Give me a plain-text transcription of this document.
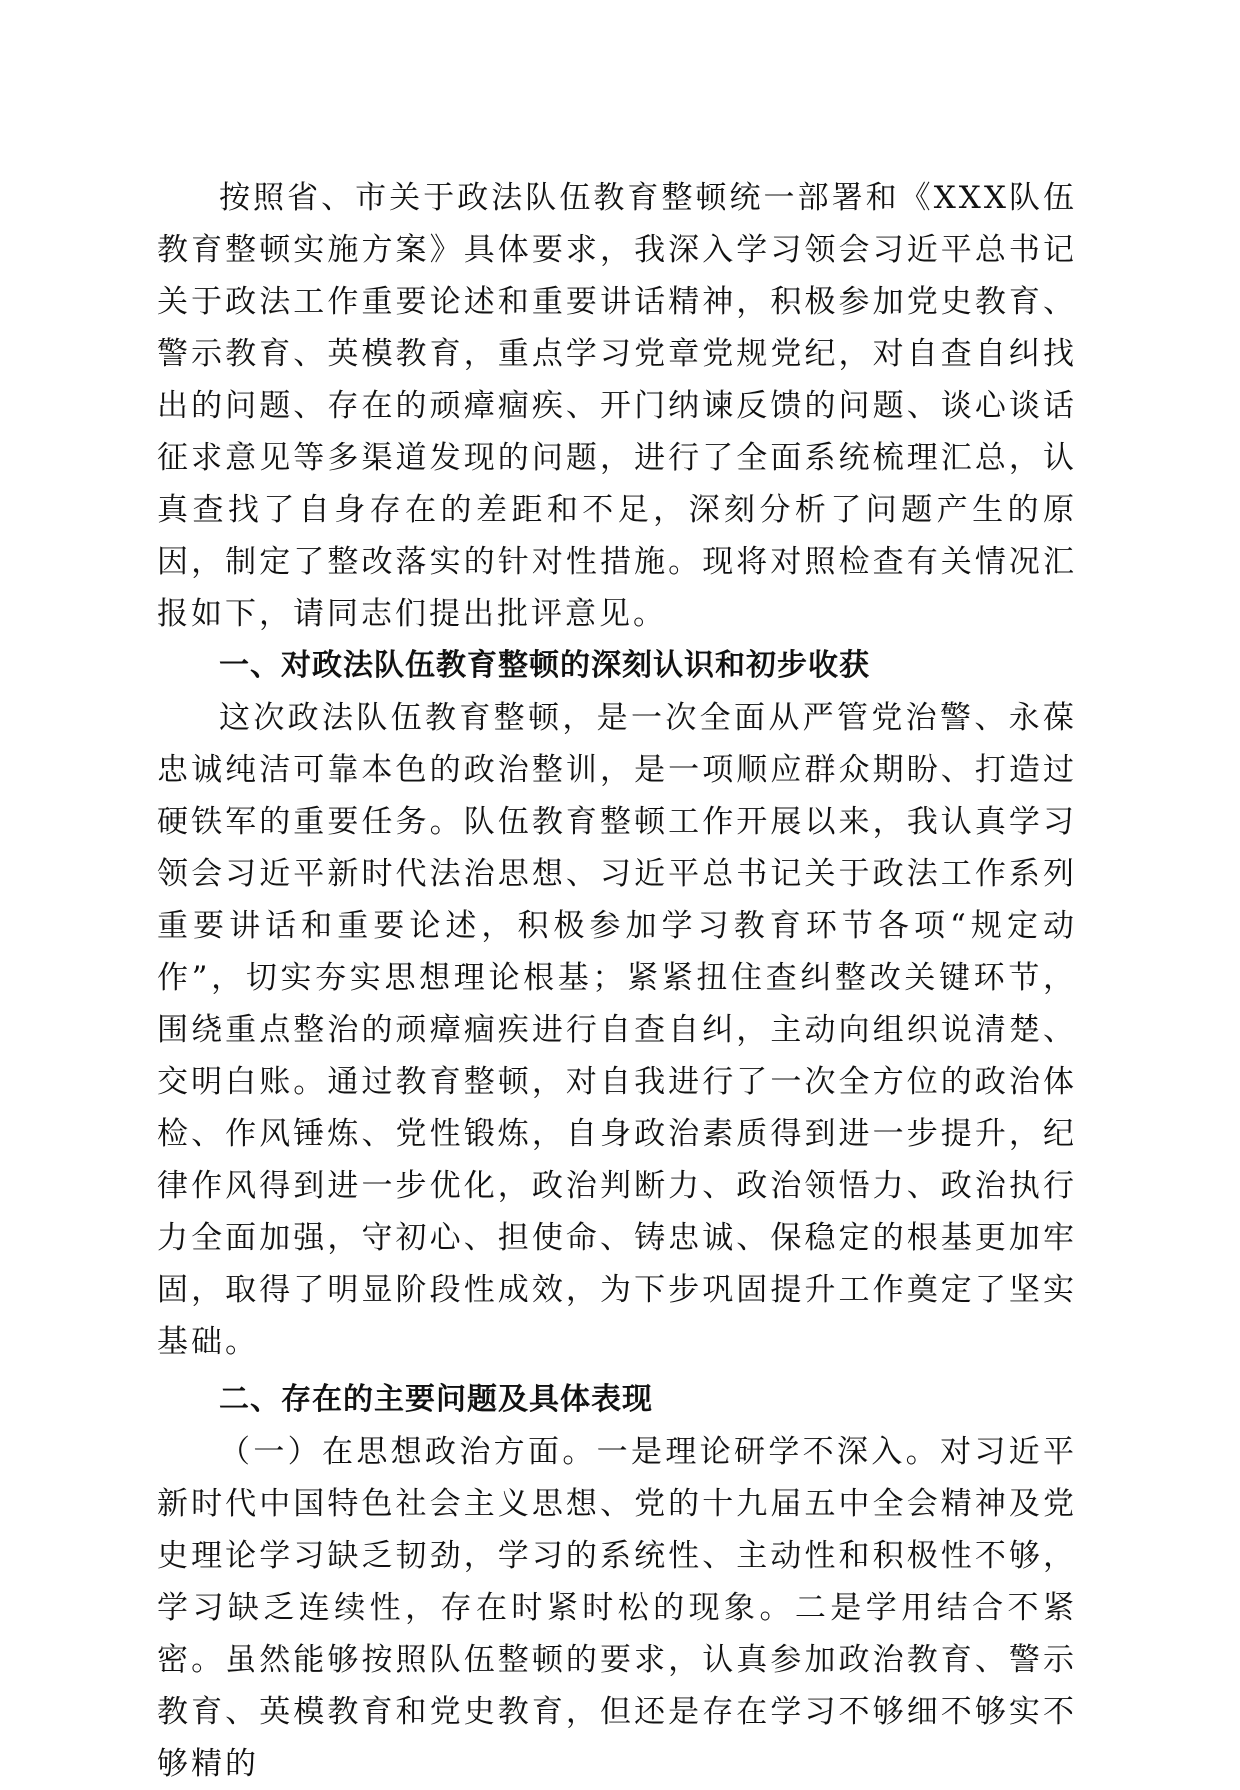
按照省、市关于政法队伍教育整顿统一部署和《XXX队伍教育整顿实施方案》具体要求，我深入学习领会习近平总书记关于政法工作重要论述和重要讲话精神，积极参加党史教育、警示教育、英模教育，重点学习党章党规党纪，对自查自纠找出的问题、存在的顽瘴痼疾、开门纳谏反馈的问题、谈心谈话征求意见等多渠道发现的问题，进行了全面系统梳理汇总，认真查找了自身存在的差距和不足，深刻分析了问题产生的原因，制定了整改落实的针对性措施。现将对照检查有关情况汇报如下，请同志们提出批评意见。

一、对政法队伍教育整顿的深刻认识和初步收获

这次政法队伍教育整顿，是一次全面从严管党治警、永葆忠诚纯洁可靠本色的政治整训，是一项顺应群众期盼、打造过硬铁军的重要任务。队伍教育整顿工作开展以来，我认真学习领会习近平新时代法治思想、习近平总书记关于政法工作系列重要讲话和重要论述，积极参加学习教育环节各项“规定动作”，切实夯实思想理论根基；紧紧扭住查纠整改关键环节，围绕重点整治的顽瘴痼疾进行自查自纠，主动向组织说清楚、交明白账。通过教育整顿，对自我进行了一次全方位的政治体检、作风锤炼、党性锻炼，自身政治素质得到进一步提升，纪律作风得到进一步优化，政治判断力、政治领悟力、政治执行力全面加强，守初心、担使命、铸忠诚、保稳定的根基更加牢固，取得了明显阶段性成效，为下步巩固提升工作奠定了坚实基础。

二、存在的主要问题及具体表现

（一）在思想政治方面。一是理论研学不深入。对习近平新时代中国特色社会主义思想、党的十九届五中全会精神及党史理论学习缺乏韧劲，学习的系统性、主动性和积极性不够，学习缺乏连续性，存在时紧时松的现象。二是学用结合不紧密。虽然能够按照队伍整顿的要求，认真参加政治教育、警示教育、英模教育和党史教育，但还是存在学习不够细不够实不够精的
